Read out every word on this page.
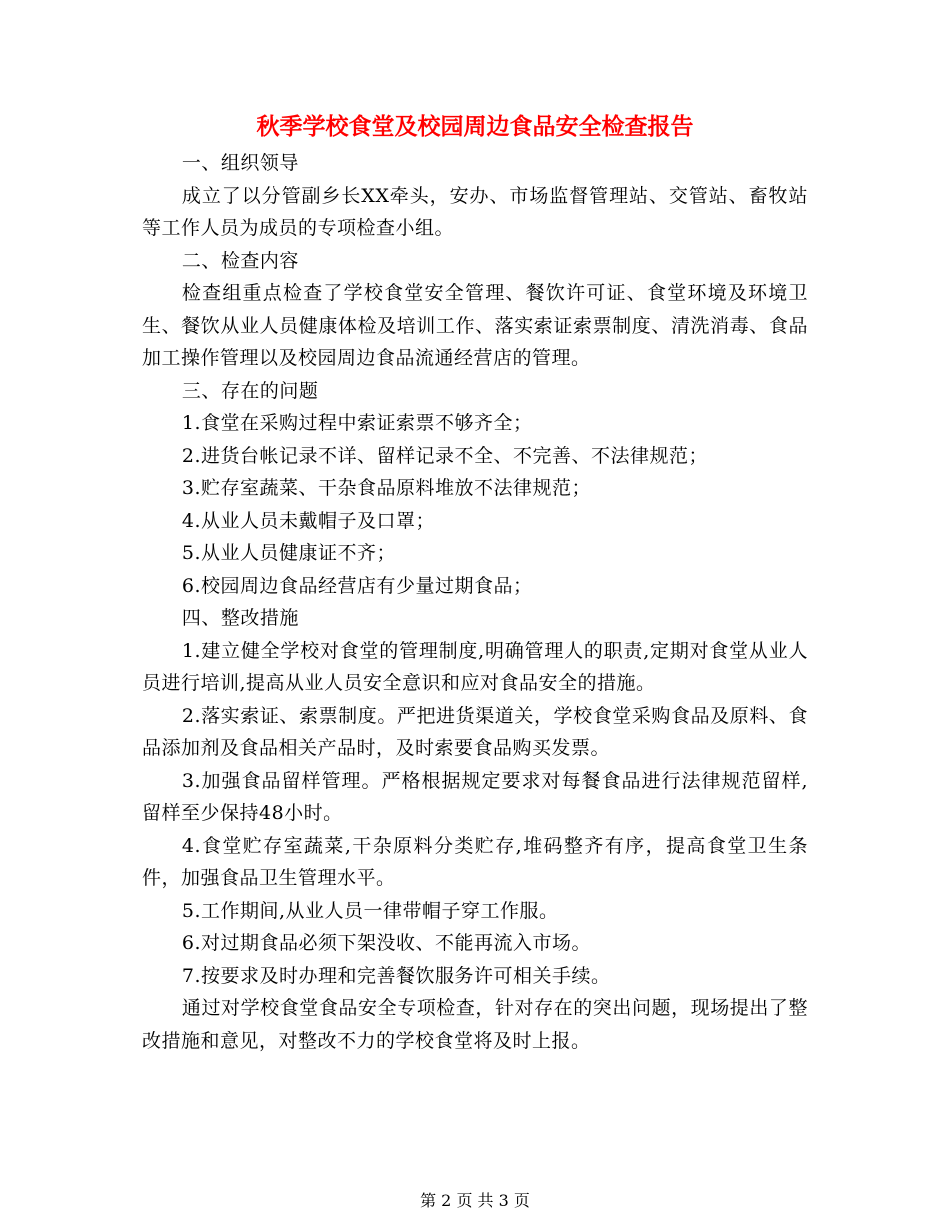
秋季学校食堂及校园周边食品安全检查报告

一、组织领导

成立了以分管副乡长XX牵头，安办、市场监督管理站、交管站、畜牧站等工作人员为成员的专项检查小组。

二、检查内容

检查组重点检查了学校食堂安全管理、餐饮许可证、食堂环境及环境卫生、餐饮从业人员健康体检及培训工作、落实索证索票制度、清洗消毒、食品加工操作管理以及校园周边食品流通经营店的管理。

三、存在的问题

1.食堂在采购过程中索证索票不够齐全；

2.进货台帐记录不详、留样记录不全、不完善、不法律规范；

3.贮存室蔬菜、干杂食品原料堆放不法律规范；

4.从业人员未戴帽子及口罩；

5.从业人员健康证不齐；

6.校园周边食品经营店有少量过期食品；

四、整改措施

1.建立健全学校对食堂的管理制度,明确管理人的职责,定期对食堂从业人员进行培训,提高从业人员安全意识和应对食品安全的措施。

2.落实索证、索票制度。严把进货渠道关，学校食堂采购食品及原料、食品添加剂及食品相关产品时，及时索要食品购买发票。

3.加强食品留样管理。严格根据规定要求对每餐食品进行法律规范留样,留样至少保持48小时。

4.食堂贮存室蔬菜,干杂原料分类贮存,堆码整齐有序，提高食堂卫生条件，加强食品卫生管理水平。

5.工作期间,从业人员一律带帽子穿工作服。

6.对过期食品必须下架没收、不能再流入市场。

7.按要求及时办理和完善餐饮服务许可相关手续。

通过对学校食堂食品安全专项检查，针对存在的突出问题，现场提出了整改措施和意见，对整改不力的学校食堂将及时上报。

第 2 页 共 3 页
